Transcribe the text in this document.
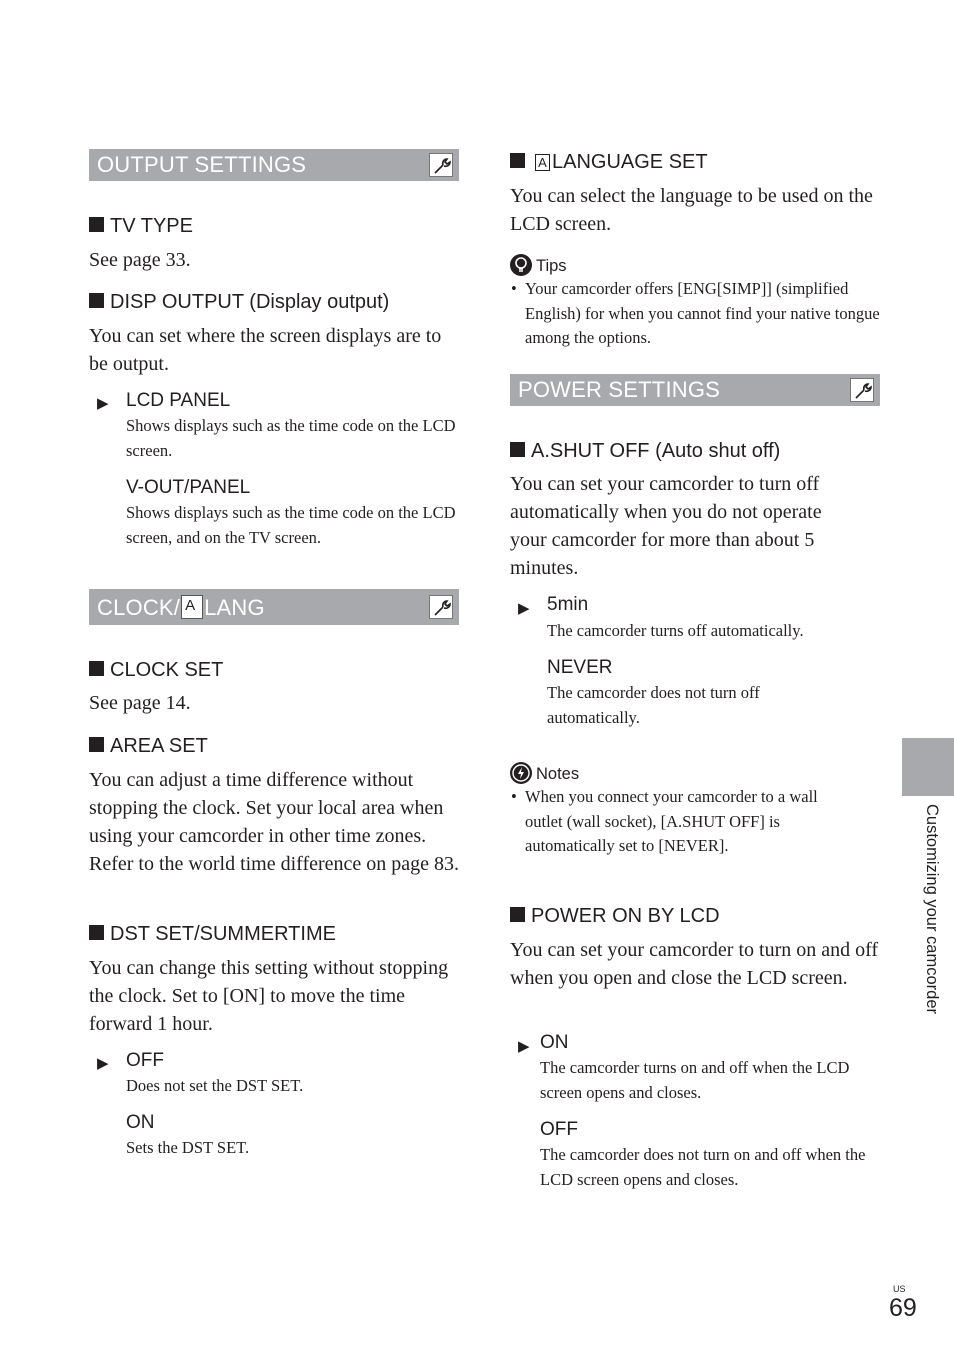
OUTPUT SETTINGS
TV TYPE
See page 33.
DISP OUTPUT (Display output)
You can set where the screen displays are to be output.
▶ LCD PANEL
Shows displays such as the time code on the LCD screen.
V-OUT/PANEL
Shows displays such as the time code on the LCD screen, and on the TV screen.
CLOCK/ A LANG
CLOCK SET
See page 14.
AREA SET
You can adjust a time difference without stopping the clock. Set your local area when using your camcorder in other time zones. Refer to the world time difference on page 83.
DST SET/SUMMERTIME
You can change this setting without stopping the clock. Set to [ON] to move the time forward 1 hour.
▶ OFF
Does not set the DST SET.
ON
Sets the DST SET.
A LANGUAGE SET
You can select the language to be used on the LCD screen.
Tips
• Your camcorder offers [ENG[SIMP]] (simplified English) for when you cannot find your native tongue among the options.
POWER SETTINGS
A.SHUT OFF (Auto shut off)
You can set your camcorder to turn off automatically when you do not operate your camcorder for more than about 5 minutes.
▶ 5min
The camcorder turns off automatically.
NEVER
The camcorder does not turn off automatically.
Notes
• When you connect your camcorder to a wall outlet (wall socket), [A.SHUT OFF] is automatically set to [NEVER].
POWER ON BY LCD
You can set your camcorder to turn on and off when you open and close the LCD screen.
▶ ON
The camcorder turns on and off when the LCD screen opens and closes.
OFF
The camcorder does not turn on and off when the LCD screen opens and closes.
Customizing your camcorder
US
69
